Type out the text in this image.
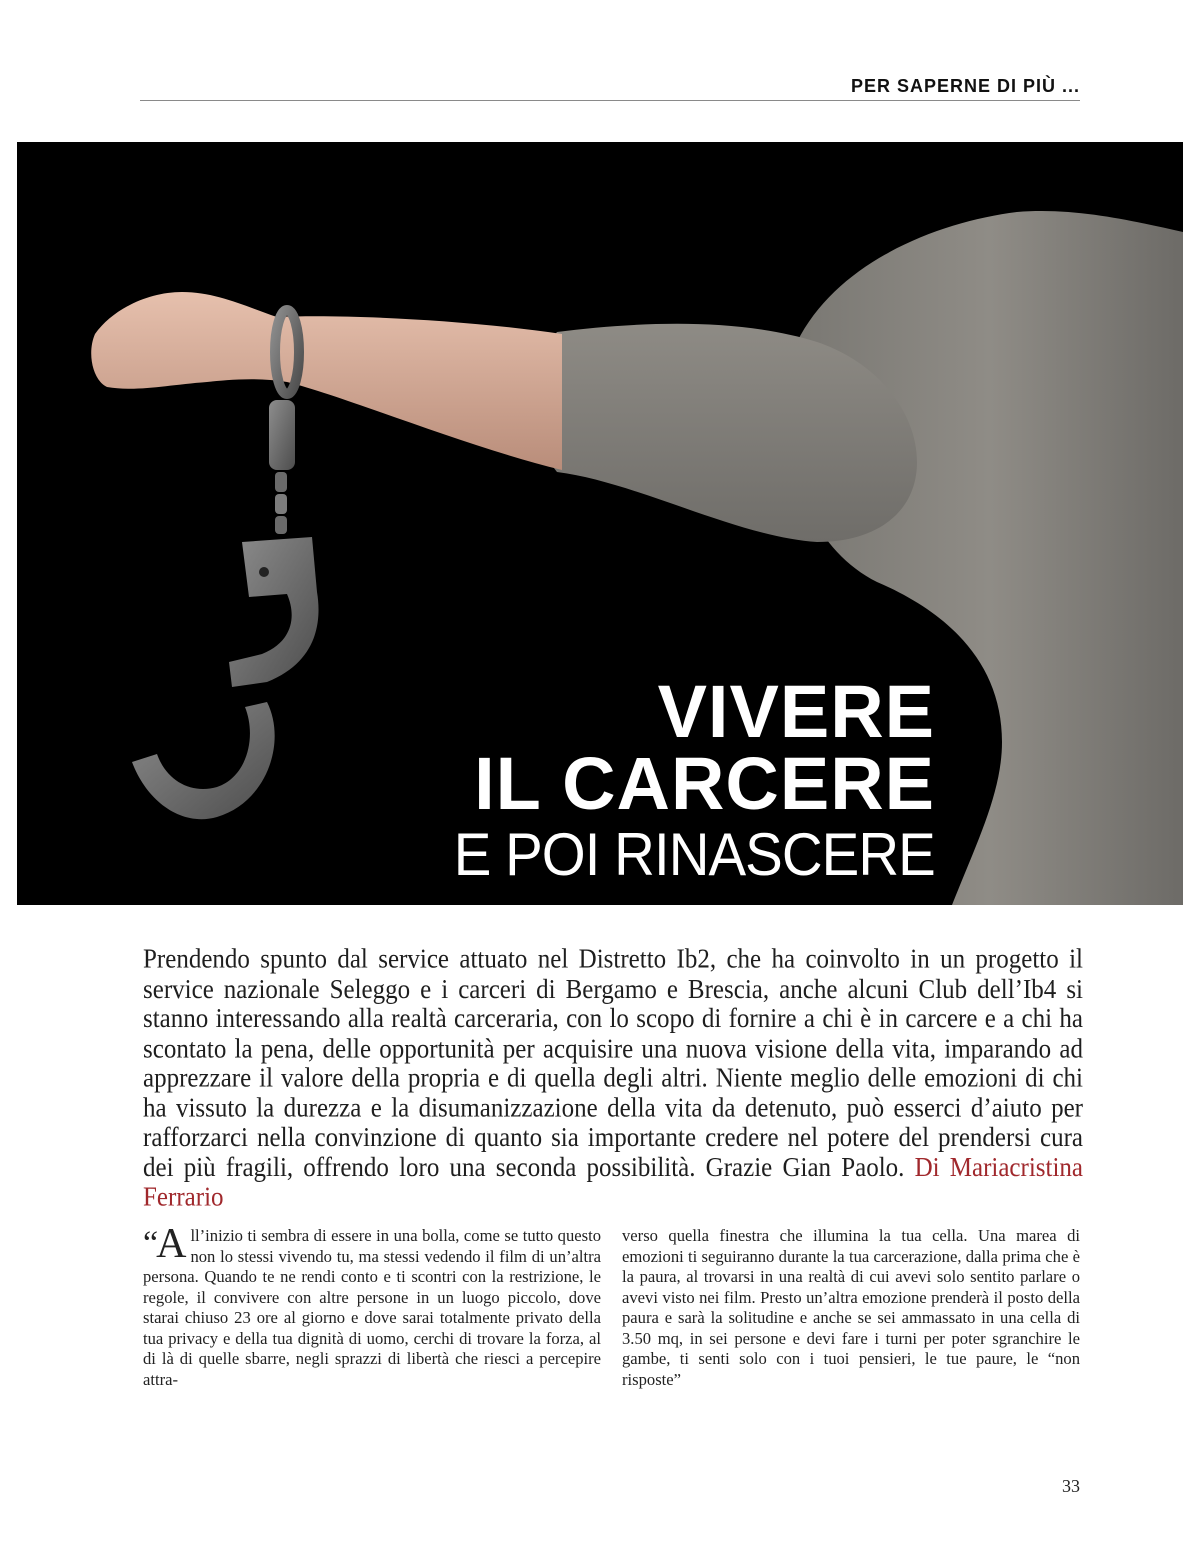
PER SAPERNE DI PIÙ ...
VIVERE
IL CARCERE
E POI RINASCERE
Prendendo spunto dal service attuato nel Distretto Ib2, che ha coinvolto in un progetto il service nazionale Seleggo e i carceri di Bergamo e Brescia, anche alcuni Club dell’Ib4 si stanno interessando alla realtà carceraria, con lo scopo di fornire a chi è in carcere e a chi ha scontato la pena, delle opportunità per acquisire una nuova visione della vita, imparando ad apprezzare il valore della propria e di quella degli altri. Niente meglio delle emozioni di chi ha vissuto la durezza e la disumanizzazione della vita da detenuto, può esserci d’aiuto per rafforzarci nella convinzione di quanto sia importante credere nel potere del prendersi cura dei più fragili, offrendo loro una seconda possibilità. Grazie Gian Paolo. Di Mariacristina Ferrario
“A ll’inizio ti sembra di essere in una bolla, come se tutto questo non lo stessi vivendo tu, ma stessi vedendo il film di un’altra persona. Quando te ne rendi conto e ti scontri con la restrizione, le regole, il convivere con altre persone in un luogo piccolo, dove starai chiuso 23 ore al giorno e dove sarai totalmente privato della tua privacy e della tua dignità di uomo, cerchi di trovare la forza, al di là di quelle sbarre, negli sprazzi di libertà che riesci a percepire attra-
verso quella finestra che illumina la tua cella. Una marea di emozioni ti seguiranno durante la tua carcerazione, dalla prima che è la paura, al trovarsi in una realtà di cui avevi solo sentito parlare o avevi visto nei film. Presto un’altra emozione prenderà il posto della paura e sarà la solitudine e anche se sei ammassato in una cella di 3.50 mq, in sei persone e devi fare i turni per poter sgranchire le gambe, ti senti solo con i tuoi pensieri, le tue paure, le “non risposte”
33
